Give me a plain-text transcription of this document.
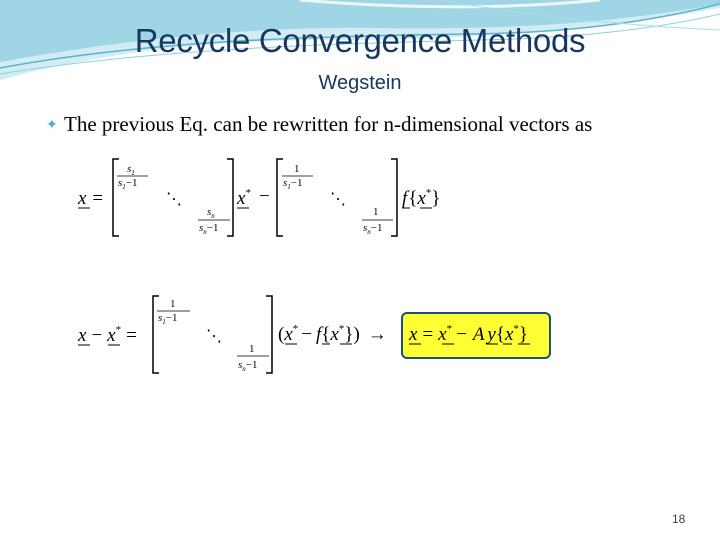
Recycle Convergence Methods
Wegstein
✦ The previous Eq. can be rewritten for n-dimensional vectors as
x =
$s_1$
$s_1-1$
⋱
$s_n$
$s_n-1$
x* −
1
$s_1-1$
⋱
1
$s_n-1$
f{x*}
x − x* =
1
$s_1-1$
⋱
1
$s_n-1$
(x* − f{x*}) → x = x* − A y{x*}
18
